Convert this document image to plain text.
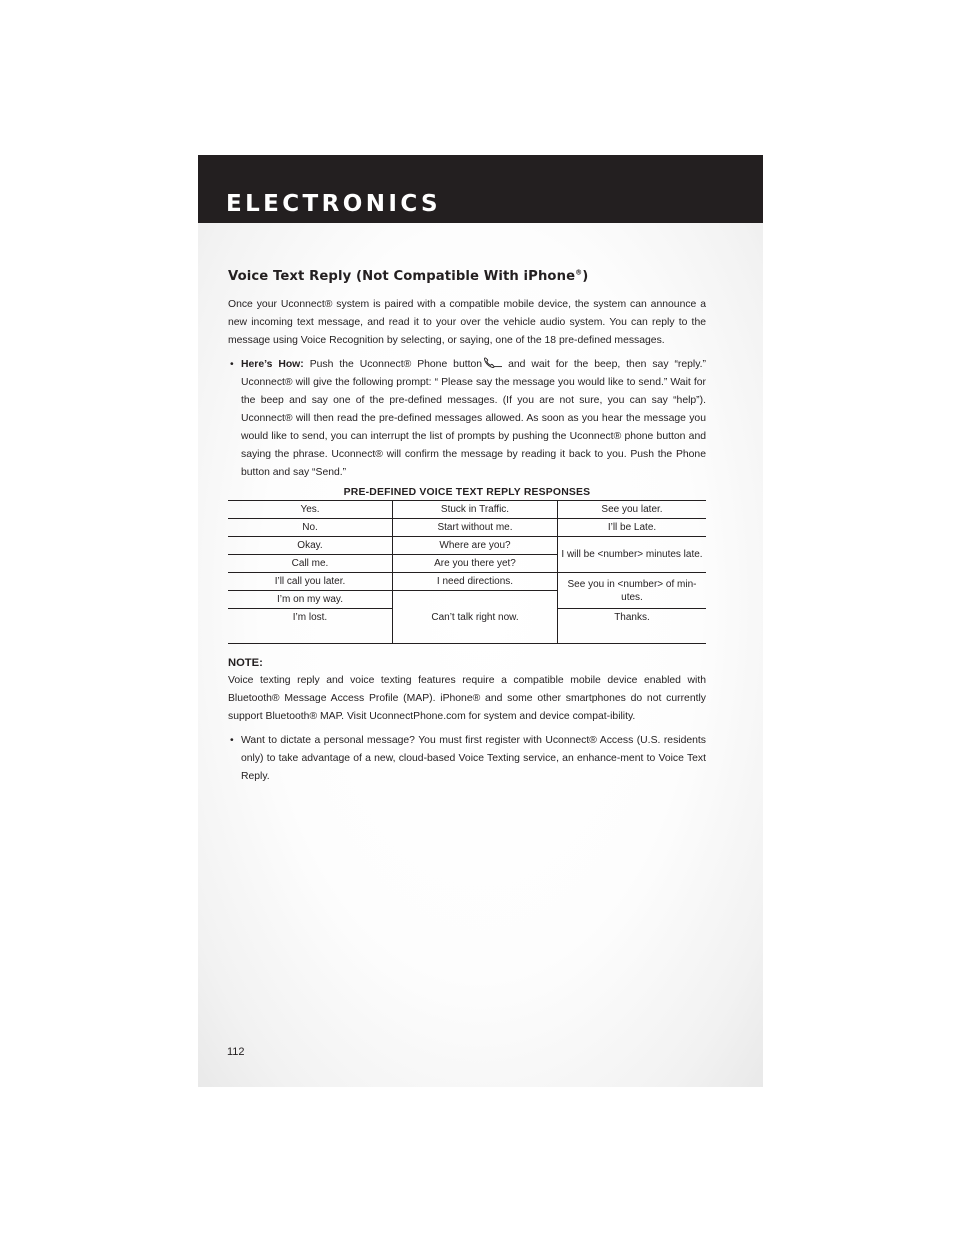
ELECTRONICS
Voice Text Reply (Not Compatible With iPhone®)

Once your Uconnect® system is paired with a compatible mobile device, the system can announce a new incoming text message, and read it to your over the vehicle audio system. You can reply to the message using Voice Recognition by selecting, or saying, one of the 18 pre-defined messages.

• Here’s How: Push the Uconnect® Phone button	and wait for the beep, then say “reply.” Uconnect® will give the following prompt: “ Please say the message you would like to send.” Wait for the beep and say one of the pre-defined messages. (If you are not sure, you can say “help”). Uconnect® will then read the pre-defined messages allowed. As soon as you hear the message you would like to send, you can interrupt the list of prompts by pushing the Uconnect® phone button and saying the phrase. Uconnect® will confirm the message by reading it back to you. Push the Phone button and say “Send.”
PRE-DEFINED VOICE TEXT REPLY RESPONSES
Yes.	Stuck in Traffic.	See you later.
No.	Start without me.	I’ll be Late.
Okay.	Where are you?	I will be <number> minutes late.
Call me.	Are you there yet?	
I’ll call you later.	I need directions.	See you in <number> of min-
utes.
I’m on my way.	Can’t talk right now.	
I’m lost.		Thanks.
NOTE:

Voice texting reply and voice texting features require a compatible mobile device enabled with Bluetooth® Message Access Profile (MAP). iPhone® and some other smartphones do not currently support Bluetooth® MAP. Visit UconnectPhone.com for system and device compat-ibility.

• Want to dictate a personal message? You must first register with Uconnect® Access (U.S. residents only) to take advantage of a new, cloud-based Voice Texting service, an enhance-ment to Voice Text Reply.
112
